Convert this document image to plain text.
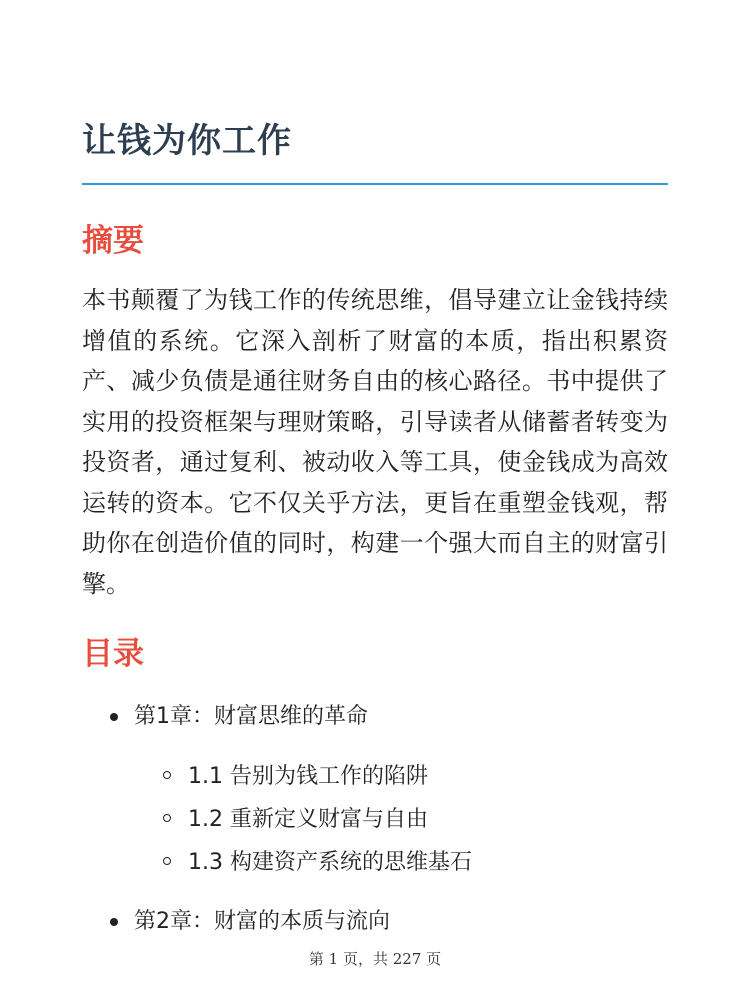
让钱为你工作
摘要

本书颠覆了为钱工作的传统思维，倡导建立让金钱持续增值的系统。它深入剖析了财富的本质，指出积累资产、减少负债是通往财务自由的核心路径。书中提供了实用的投资框架与理财策略，引导读者从储蓄者转变为投资者，通过复利、被动收入等工具，使金钱成为高效运转的资本。它不仅关乎方法，更旨在重塑金钱观，帮助你在创造价值的同时，构建一个强大而自主的财富引擎。

目录
第1章：财富思维的革命
1.1 告别为钱工作的陷阱
1.2 重新定义财富与自由
1.3 构建资产系统的思维基石
第2章：财富的本质与流向
第 1 页，共 227 页
